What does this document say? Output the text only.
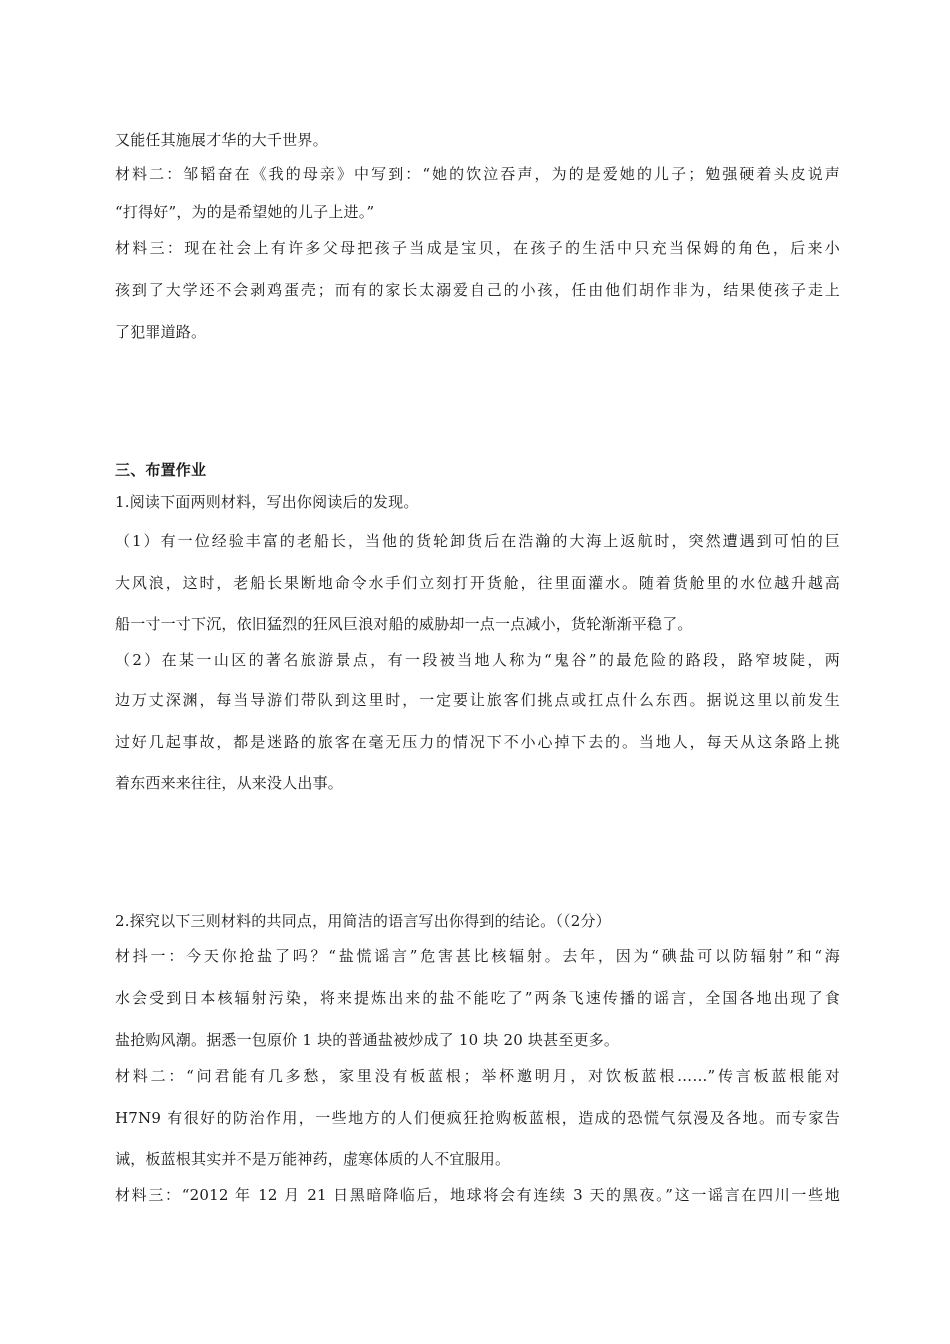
又能任其施展才华的大千世界。
材料二：邹韬奋在《我的母亲》中写到：“她的饮泣吞声，为的是爱她的儿子；勉强硬着头皮说声
“打得好”，为的是希望她的儿子上进。”
材料三：现在社会上有许多父母把孩子当成是宝贝，在孩子的生活中只充当保姆的角色，后来小
孩到了大学还不会剥鸡蛋壳；而有的家长太溺爱自己的小孩，任由他们胡作非为，结果使孩子走上
了犯罪道路。
三、布置作业
1.阅读下面两则材料，写出你阅读后的发现。
（1）有一位经验丰富的老船长，当他的货轮卸货后在浩瀚的大海上返航时，突然遭遇到可怕的巨
大风浪，这时，老船长果断地命令水手们立刻打开货舱，往里面灌水。随着货舱里的水位越升越高
船一寸一寸下沉，依旧猛烈的狂风巨浪对船的威胁却一点一点减小，货轮渐渐平稳了。
（2）在某一山区的著名旅游景点，有一段被当地人称为“鬼谷”的最危险的路段，路窄坡陡，两
边万丈深渊，每当导游们带队到这里时，一定要让旅客们挑点或扛点什么东西。据说这里以前发生
过好几起事故，都是迷路的旅客在毫无压力的情况下不小心掉下去的。当地人，每天从这条路上挑
着东西来来往往，从来没人出事。
2.探究以下三则材料的共同点，用简洁的语言写出你得到的结论。（（2分）
材抖一：今天你抢盐了吗？“盐慌谣言”危害甚比核辐射。去年，因为“碘盐可以防辐射”和“海
水会受到日本核辐射污染，将来提炼出来的盐不能吃了”两条飞速传播的谣言，全国各地出现了食
盐抢购风潮。据悉一包原价 1 块的普通盐被炒成了 10 块 20 块甚至更多。
材料二：“问君能有几多愁，家里没有板蓝根；举杯邀明月，对饮板蓝根……”传言板蓝根能对
H7N9 有很好的防治作用，一些地方的人们便疯狂抢购板蓝根，造成的恐慌气氛漫及各地。而专家告
诫，板蓝根其实并不是万能神药，虚寒体质的人不宜服用。
材料三：“2012 年 12 月 21 日黑暗降临后，地球将会有连续 3 天的黑夜。”这一谣言在四川一些地
